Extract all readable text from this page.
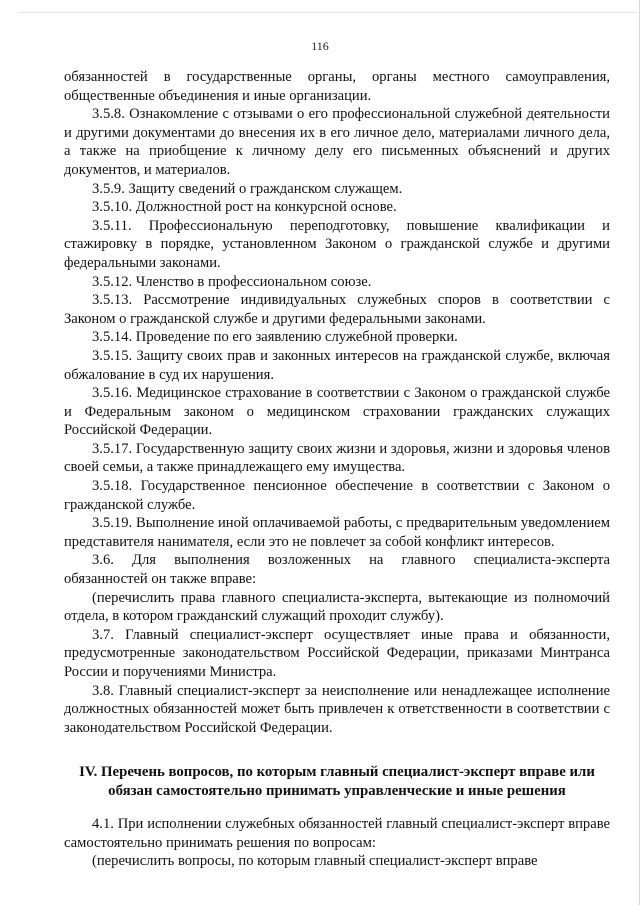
116

обязанностей в государственные органы, органы местного самоуправления, общественные объединения и иные организации.

3.5.8. Ознакомление с отзывами о его профессиональной служебной деятельности и другими документами до внесения их в его личное дело, материалами личного дела, а также на приобщение к личному делу его письменных объяснений и других документов, и материалов.

3.5.9. Защиту сведений о гражданском служащем.

3.5.10. Должностной рост на конкурсной основе.

3.5.11. Профессиональную переподготовку, повышение квалификации и стажировку в порядке, установленном Законом о гражданской службе и другими федеральными законами.

3.5.12. Членство в профессиональном союзе.

3.5.13. Рассмотрение индивидуальных служебных споров в соответствии с Законом о гражданской службе и другими федеральными законами.

3.5.14. Проведение по его заявлению служебной проверки.

3.5.15. Защиту своих прав и законных интересов на гражданской службе, включая обжалование в суд их нарушения.

3.5.16. Медицинское страхование в соответствии с Законом о гражданской службе и Федеральным законом о медицинском страховании гражданских служащих Российской Федерации.

3.5.17. Государственную защиту своих жизни и здоровья, жизни и здоровья членов своей семьи, а также принадлежащего ему имущества.

3.5.18. Государственное пенсионное обеспечение в соответствии с Законом о гражданской службе.

3.5.19. Выполнение иной оплачиваемой работы, с предварительным уведомлением представителя нанимателя, если это не повлечет за собой конфликт интересов.

3.6. Для выполнения возложенных на главного специалиста-эксперта обязанностей он также вправе:

(перечислить права главного специалиста-эксперта, вытекающие из полномочий отдела, в котором гражданский служащий проходит службу).

3.7. Главный специалист-эксперт осуществляет иные права и обязанности, предусмотренные законодательством Российской Федерации, приказами Минтранса России и поручениями Министра.

3.8. Главный специалист-эксперт за неисполнение или ненадлежащее исполнение должностных обязанностей может быть привлечен к ответственности в соответствии с законодательством Российской Федерации.

IV. Перечень вопросов, по которым главный специалист-эксперт вправе или
обязан самостоятельно принимать управленческие и иные решения

4.1. При исполнении служебных обязанностей главный специалист-эксперт вправе самостоятельно принимать решения по вопросам:

(перечислить вопросы, по которым главный специалист-эксперт вправе
